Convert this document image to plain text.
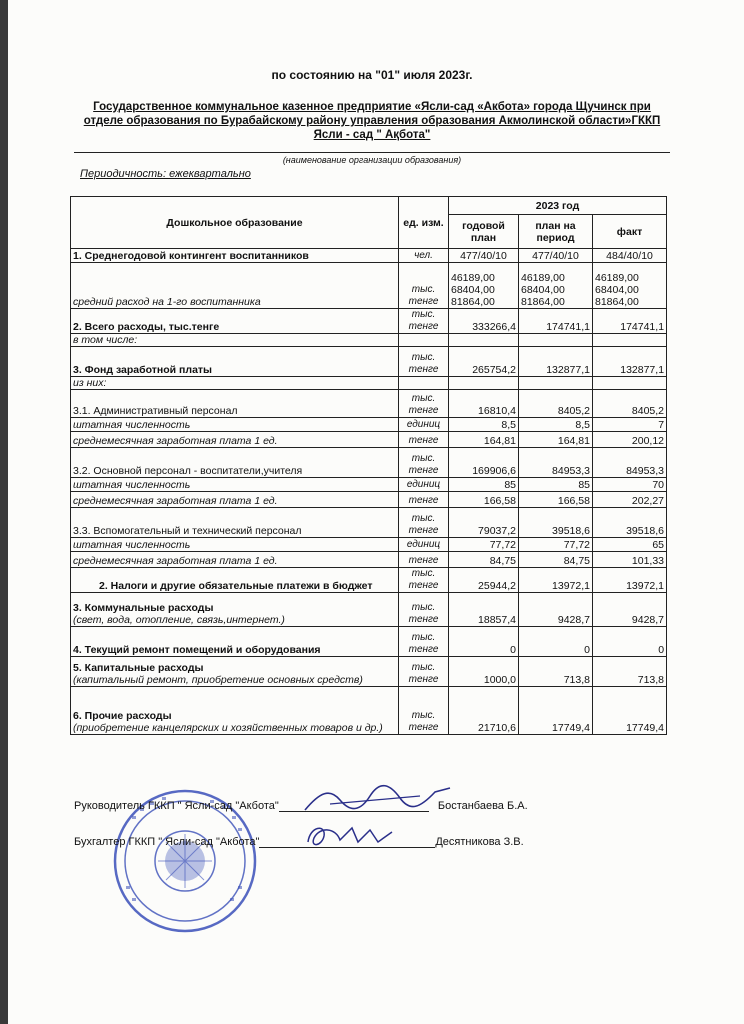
по состоянию на "01" июля 2023г.
Государственное коммунальное казенное предприятие «Ясли-сад «Акбота» города Щучинск при отделе образования по Бурабайскому району управления образования Акмолинской области»ГККП Ясли - сад " Ақбота"
(наименование организации образования)
Периодичность: ежеквартально
Дошкольное образование	ед. изм.	2023 год		
		годовой план	план на период	факт
1. Среднегодовой контингент воспитанников	чел.	477/40/10	477/40/10	484/40/10
средний расход на 1-го воспитанника	тыс. тенге	46189,00 68404,00 81864,00	46189,00 68404,00 81864,00	46189,00 68404,00 81864,00
2. Всего расходы, тыс.тенге	тыс. тенге	333266,4	174741,1	174741,1
в том числе:				
3. Фонд заработной платы	тыс. тенге	265754,2	132877,1	132877,1
из них:				
3.1. Административный персонал	тыс. тенге	16810,4	8405,2	8405,2
штатная численность	единиц	8,5	8,5	7
среднемесячная заработная плата 1 ед.	тенге	164,81	164,81	200,12
3.2. Основной персонал - воспитатели,учителя	тыс. тенге	169906,6	84953,3	84953,3
штатная численность	единиц	85	85	70
среднемесячная заработная плата 1 ед.	тенге	166,58	166,58	202,27
3.3. Вспомогательный и технический персонал	тыс. тенге	79037,2	39518,6	39518,6
штатная численность	единиц	77,72	77,72	65
среднемесячная заработная плата 1 ед.	тенге	84,75	84,75	101,33
2. Налоги и другие обязательные платежи в бюджет	тыс. тенге	25944,2	13972,1	13972,1
3. Коммунальные расходы
(свет, вода, отопление, связь,интернет.)	тыс. тенге	18857,4	9428,7	9428,7
4. Текущий ремонт помещений и оборудования	тыс. тенге	0	0	0
5. Капитальные расходы
(капитальный ремонт, приобретение основных средств)	тыс. тенге	1000,0	713,8	713,8
6. Прочие расходы
(приобретение канцелярских и хозяйственных товаров и др.)	тыс. тенге	21710,6	17749,4	17749,4
Руководитель ГККП " Ясли-сад "Акбота"	Бостанбаева Б.А.
Бухгалтер ГККП " Ясли-сад "Акбота"	Десятникова З.В.
